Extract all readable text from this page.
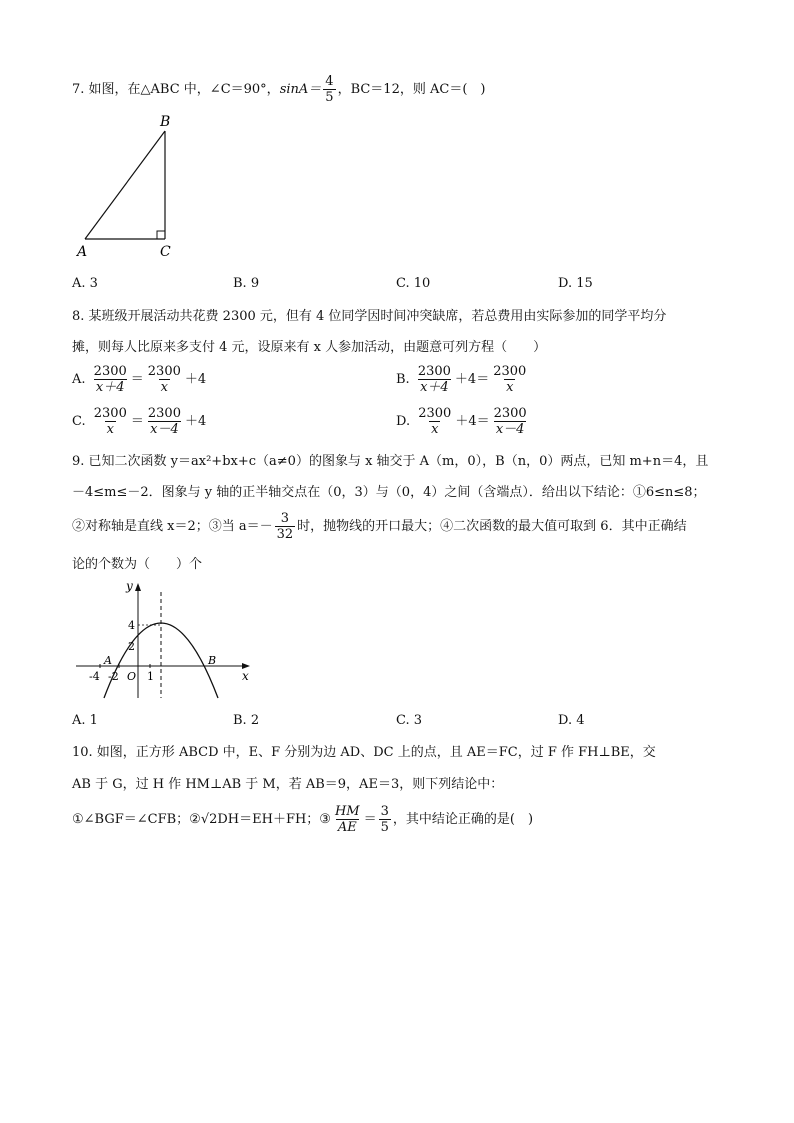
7. 如图，在△ABC 中，∠C＝90°，$\sin A= \frac{4}{5}$ ，BC＝12，则 AC＝(　)
B
A	C
A. 3	B. 9	C. 10	D. 15
8. 某班级开展活动共花费 2300 元，但有 4 位同学因时间冲突缺席，若总费用由实际参加的同学平均分
摊，则每人比原来多支付 4 元，设原来有 x 人参加活动，由题意可列方程（　　）
A. $\frac{2300}{x+4} = \frac{2300}{x} +4$	B. $\frac{2300}{x+4} +4= \frac{2300}{x}$
C. $\frac{2300}{x} = \frac{2300}{x-4} +4$	D. $\frac{2300}{x} +4= \frac{2300}{x-4}$
9. 已知二次函数 y＝ax²+bx+c（a≠0）的图象与 x 轴交于 A（m，0），B（n，0）两点，已知 m+n＝4，且
－4≤m≤－2．图象与 y 轴的正半轴交点在（0，3）与（0，4）之间（含端点）．给出以下结论：①6≤n≤8；
②对称轴是直线 x＝2；③当 $a=- \frac{3}{32}$ 时，抛物线的开口最大；④二次函数的最大值可取到 6．其中正确结
论的个数为（　　）个
y
x
4
2
A	B
-4 -2 O 1
A. 1	B. 2	C. 3	D. 4
10. 如图，正方形 ABCD 中，E、F 分别为边 AD、DC 上的点，且 AE＝FC，过 F 作 FH⊥BE，交
AB 于 G，过 H 作 HM⊥AB 于 M，若 AB＝9，AE＝3，则下列结论中：
①∠BGF＝∠CFB；②√2DH＝EH＋FH；③ $\frac{HM}{AE} = \frac{3}{5}$ ，其中结论正确的是(　)
